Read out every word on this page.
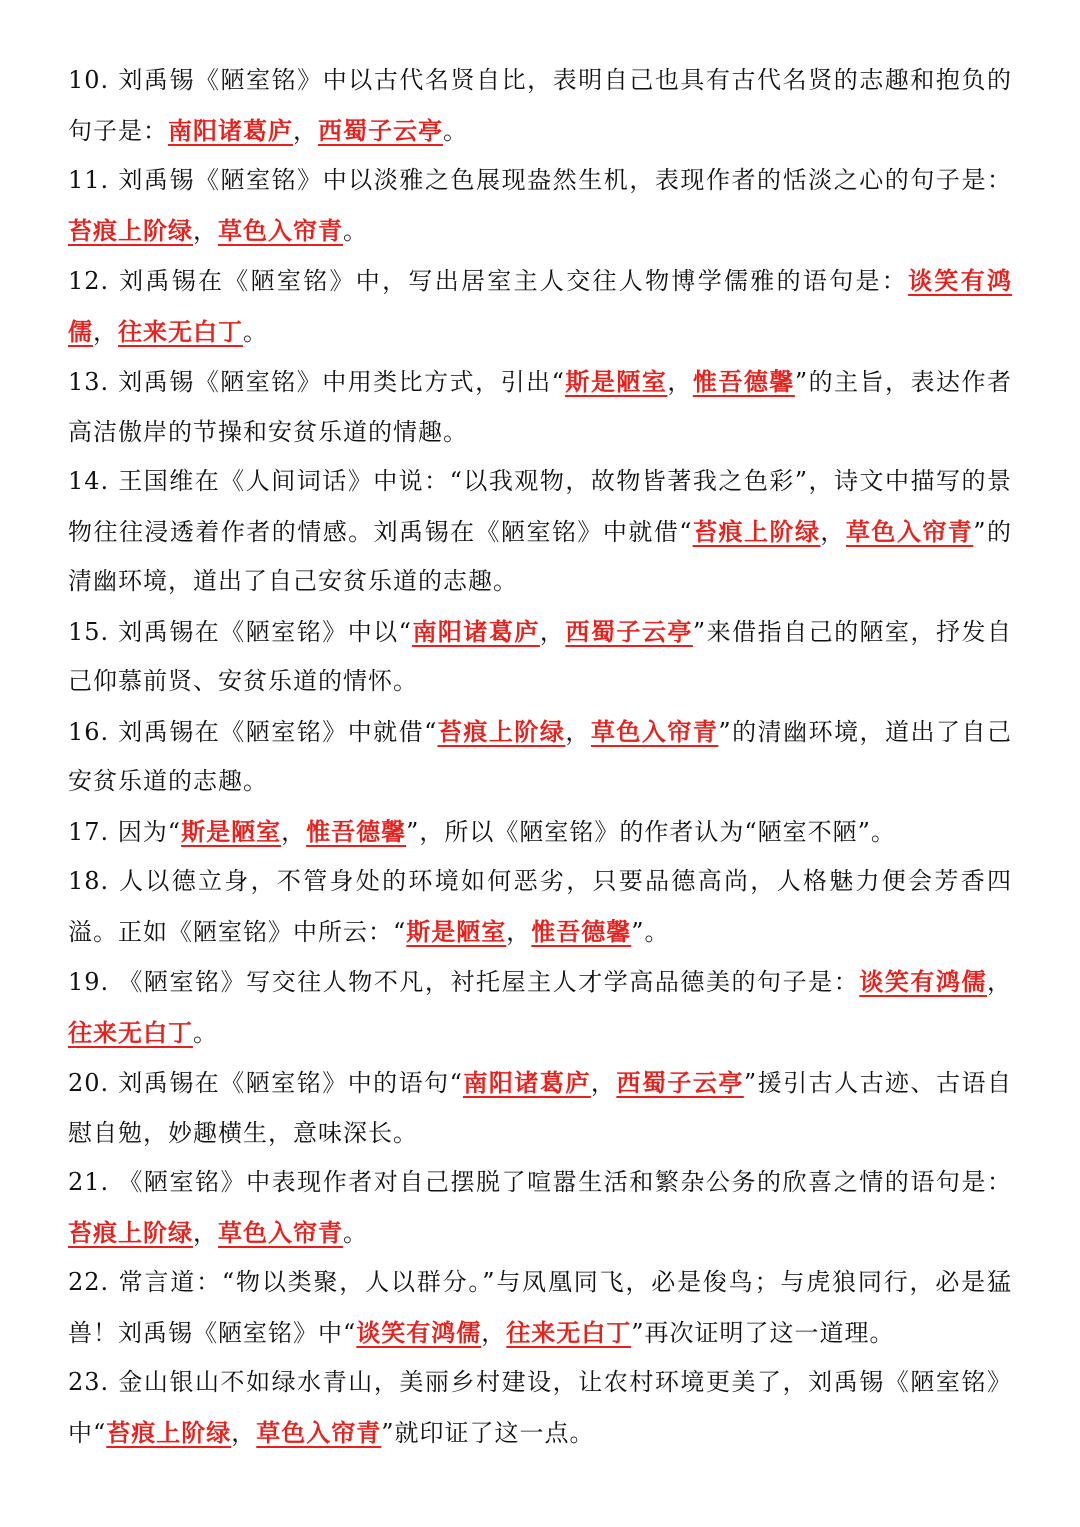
10. 刘禹锡《陋室铭》中以古代名贤自比，表明自己也具有古代名贤的志趣和抱负的句子是：南阳诸葛庐，西蜀子云亭。

11. 刘禹锡《陋室铭》中以淡雅之色展现盎然生机，表现作者的恬淡之心的句子是：苔痕上阶绿，草色入帘青。

12. 刘禹锡在《陋室铭》中，写出居室主人交往人物博学儒雅的语句是：谈笑有鸿儒，往来无白丁。

13. 刘禹锡《陋室铭》中用类比方式，引出“斯是陋室，惟吾德馨”的主旨，表达作者高洁傲岸的节操和安贫乐道的情趣。

14. 王国维在《人间词话》中说：“以我观物，故物皆著我之色彩”，诗文中描写的景物往往浸透着作者的情感。刘禹锡在《陋室铭》中就借“苔痕上阶绿，草色入帘青”的清幽环境，道出了自己安贫乐道的志趣。

15. 刘禹锡在《陋室铭》中以“南阳诸葛庐，西蜀子云亭”来借指自己的陋室，抒发自己仰慕前贤、安贫乐道的情怀。

16. 刘禹锡在《陋室铭》中就借“苔痕上阶绿，草色入帘青”的清幽环境，道出了自己安贫乐道的志趣。

17. 因为“斯是陋室，惟吾德馨”，所以《陋室铭》的作者认为“陋室不陋”。

18. 人以德立身，不管身处的环境如何恶劣，只要品德高尚，人格魅力便会芳香四溢。正如《陋室铭》中所云：“斯是陋室，惟吾德馨”。

19. 《陋室铭》写交往人物不凡，衬托屋主人才学高品德美的句子是：谈笑有鸿儒，往来无白丁。

20. 刘禹锡在《陋室铭》中的语句“南阳诸葛庐，西蜀子云亭”援引古人古迹、古语自慰自勉，妙趣横生，意味深长。

21. 《陋室铭》中表现作者对自己摆脱了喧嚣生活和繁杂公务的欣喜之情的语句是：苔痕上阶绿，草色入帘青。

22. 常言道：“物以类聚，人以群分。”与凤凰同飞，必是俊鸟；与虎狼同行，必是猛兽！刘禹锡《陋室铭》中“谈笑有鸿儒，往来无白丁”再次证明了这一道理。

23. 金山银山不如绿水青山，美丽乡村建设，让农村环境更美了，刘禹锡《陋室铭》中“苔痕上阶绿，草色入帘青”就印证了这一点。
